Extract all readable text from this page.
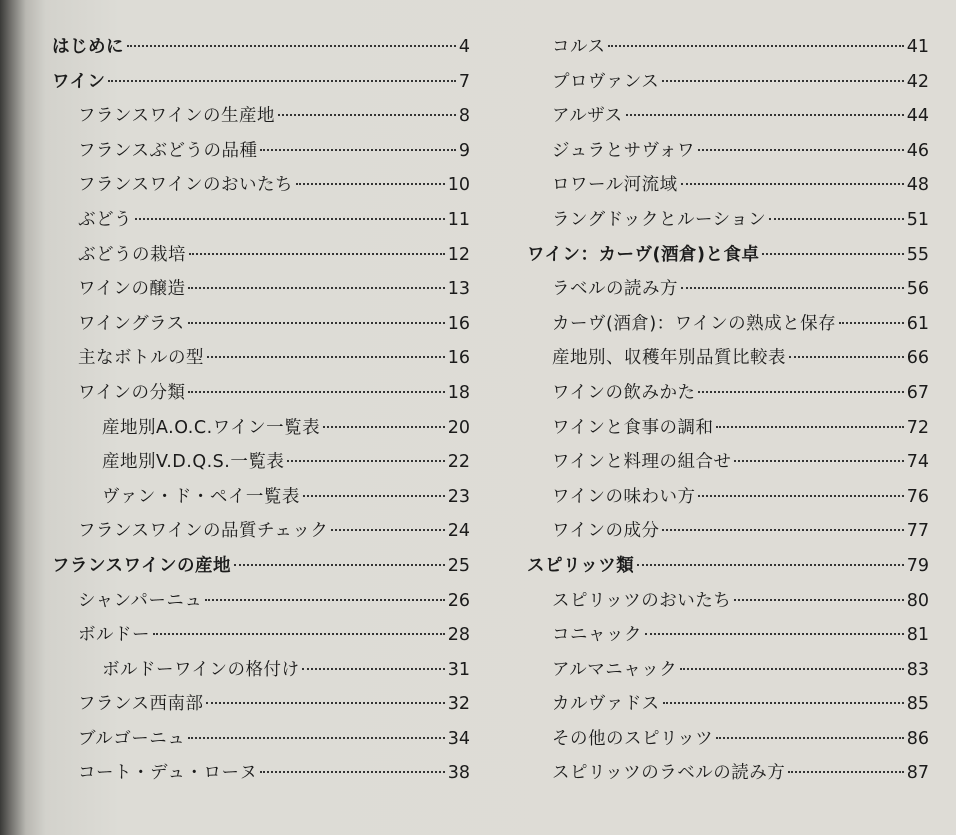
はじめに	4
ワイン	7
フランスワインの生産地	8
フランスぶどうの品種	9
フランスワインのおいたち	10
ぶどう	11
ぶどうの栽培	12
ワインの醸造	13
ワイングラス	16
主なボトルの型	16
ワインの分類	18
産地別A.O.C.ワイン一覧表	20
産地別V.D.Q.S.一覧表	22
ヴァン・ド・ペイ一覧表	23
フランスワインの品質チェック	24
フランスワインの産地	25
シャンパーニュ	26
ボルドー	28
ボルドーワインの格付け	31
フランス西南部	32
ブルゴーニュ	34
コート・デュ・ローヌ	38
コルス	41
プロヴァンス	42
アルザス	44
ジュラとサヴォワ	46
ロワール河流域	48
ラングドックとルーション	51
ワイン：カーヴ(酒倉)と食卓	55
ラベルの読み方	56
カーヴ(酒倉)：ワインの熟成と保存	61
産地別、収穫年別品質比較表	66
ワインの飲みかた	67
ワインと食事の調和	72
ワインと料理の組合せ	74
ワインの味わい方	76
ワインの成分	77
スピリッツ類	79
スピリッツのおいたち	80
コニャック	81
アルマニャック	83
カルヴァドス	85
その他のスピリッツ	86
スピリッツのラベルの読み方	87
